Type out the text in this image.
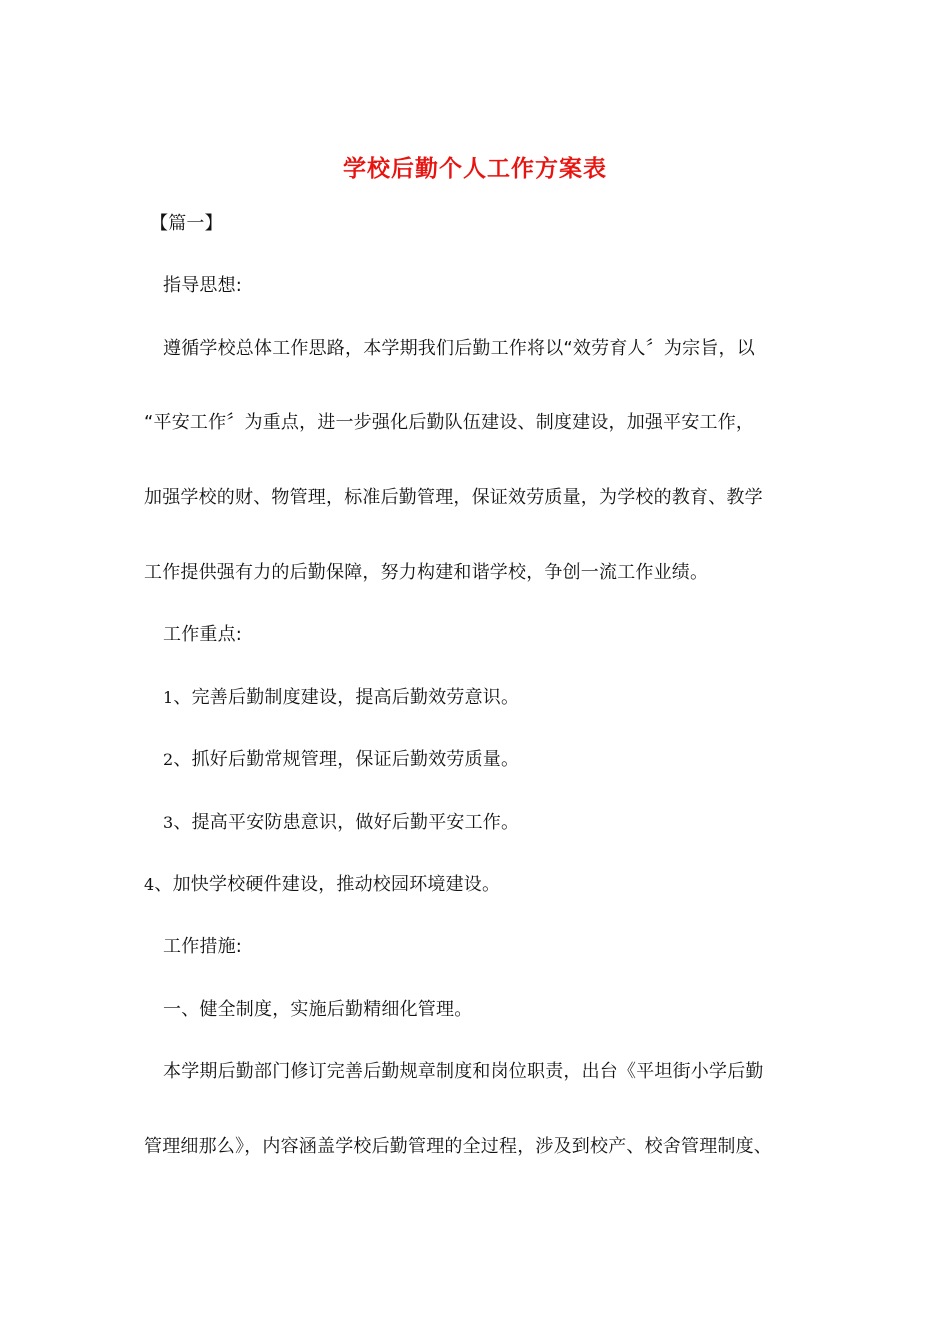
学校后勤个人工作方案表
【篇一】
指导思想:
遵循学校总体工作思路，本学期我们后勤工作将以“效劳育人〞为宗旨，以
“平安工作〞为重点，进一步强化后勤队伍建设、制度建设，加强平安工作，
加强学校的财、物管理，标准后勤管理，保证效劳质量，为学校的教育、教学
工作提供强有力的后勤保障，努力构建和谐学校，争创一流工作业绩。
工作重点:
1、完善后勤制度建设，提高后勤效劳意识。
2、抓好后勤常规管理，保证后勤效劳质量。
3、提高平安防患意识，做好后勤平安工作。
4、加快学校硬件建设，推动校园环境建设。
工作措施:
一、健全制度，实施后勤精细化管理。
本学期后勤部门修订完善后勤规章制度和岗位职责，出台《平坦街小学后勤
管理细那么》，内容涵盖学校后勤管理的全过程，涉及到校产、校舍管理制度、
